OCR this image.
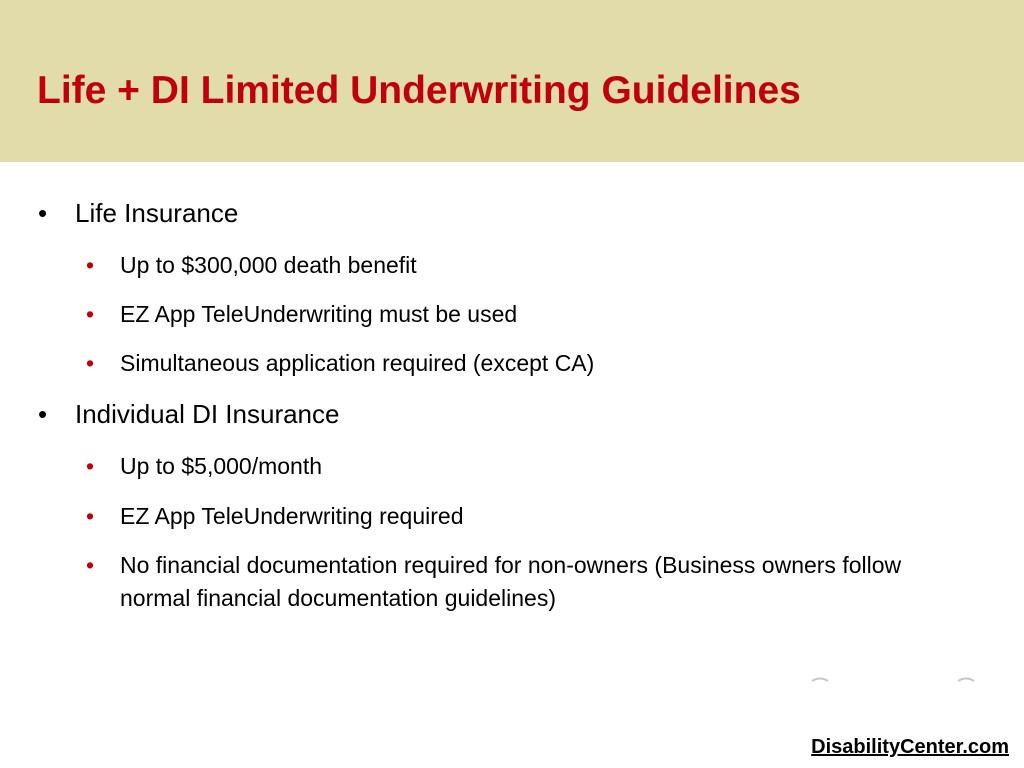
Life + DI Limited Underwriting Guidelines
• Life Insurance
• Up to $300,000 death benefit
• EZ App TeleUnderwriting must be used
• Simultaneous application required (except CA)
• Individual DI Insurance
• Up to $5,000/month
• EZ App TeleUnderwriting required
• No financial documentation required for non-owners (Business owners follow normal financial documentation guidelines)
DisabilityCenter.com
